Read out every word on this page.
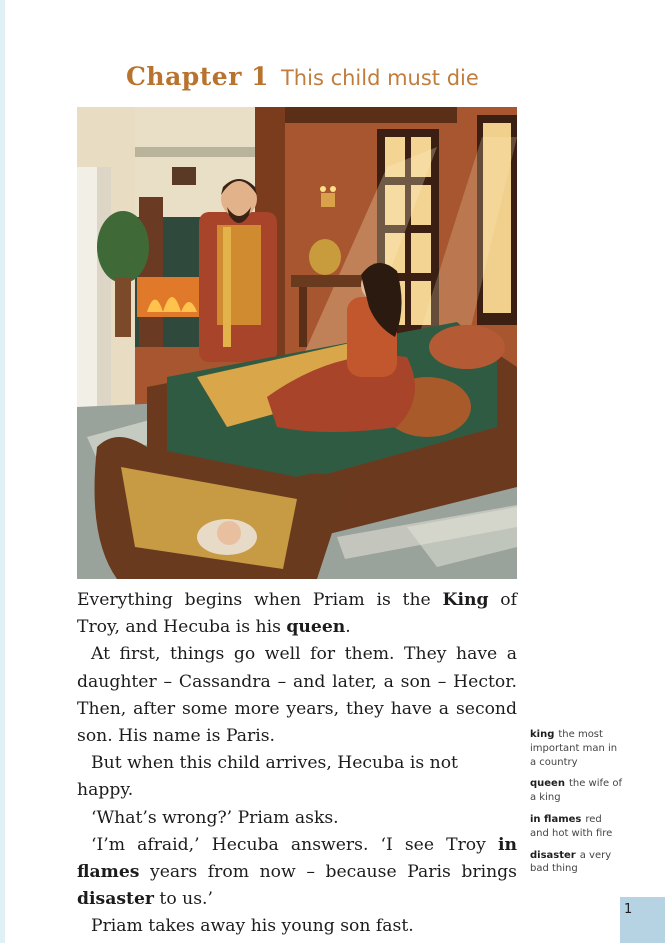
Chapter 1 This child must die

Everything begins when Priam is the King of Troy, and Hecuba is his queen.

At first, things go well for them. They have a daughter – Cassandra – and later, a son – Hector. Then, after some more years, they have a second son. His name is Paris.

But when this child arrives, Hecuba is not happy.

‘What’s wrong?’ Priam asks.

‘I’m afraid,’ Hecuba answers. ‘I see Troy in flames years from now – because Paris brings disaster to us.’

Priam takes away his young son fast.

king the most important man in a country
queen the wife of a king
in flames red and hot with fire
disaster a very bad thing
1
